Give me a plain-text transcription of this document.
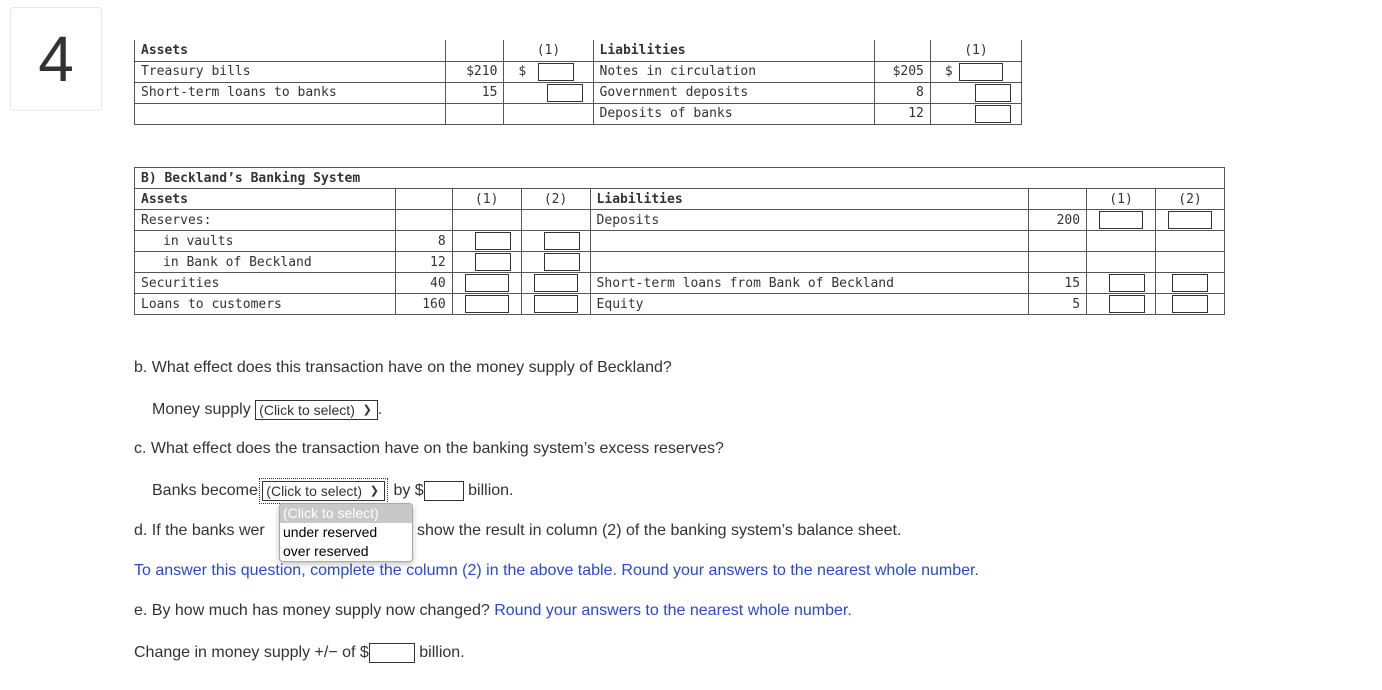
4	Assets		(1)	Liabilities		(1)
Treasury bills	$210	$	Notes in circulation	$205	$
Short-term loans to banks	15		Government deposits	8	
			Deposits of banks	12	
B) Beckland’s Banking System							
Assets		(1)	(2)	Liabilities		(1)	(2)
Reserves:				Deposits	200		
in vaults	8						
in Bank of Beckland	12						
Securities	40			Short-term loans from Bank of Beckland	15		
Loans to customers	160			Equity	5		
b. What effect does this transaction have on the money supply of Beckland?
Money supply (Click to select) ❯ .
c. What effect does the transaction have on the banking system’s excess reserves?
Banks become (Click to select) ❯ by $	billion.
d. If the banks wer	show the result in column (2) of the banking system’s balance sheet.
To answer this question, complete the column (2) in the above table. Round your answers to the nearest whole number.
e. By how much has money supply now changed? Round your answers to the nearest whole number.
Change in money supply +/− of $	billion.
(Click to select)
under reserved
over reserved
